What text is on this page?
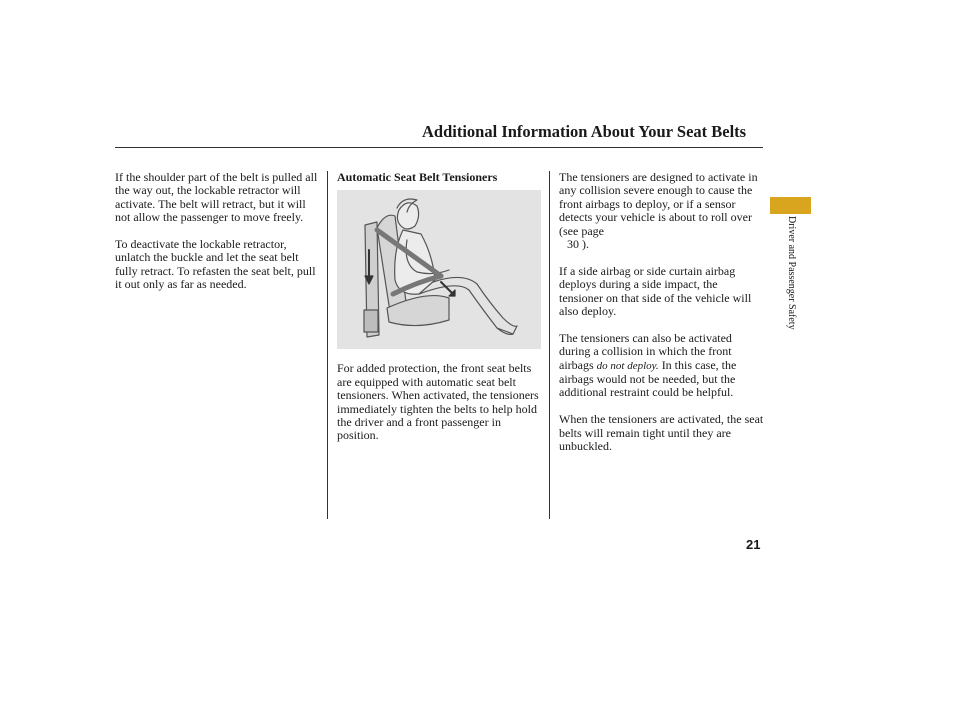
Additional Information About Your Seat Belts

If the shoulder part of the belt is pulled all the way out, the lockable retractor will activate. The belt will retract, but it will not allow the passenger to move freely.

To deactivate the lockable retractor, unlatch the buckle and let the seat belt fully retract. To refasten the seat belt, pull it out only as far as needed.

Automatic Seat Belt Tensioners

For added protection, the front seat belts are equipped with automatic seat belt tensioners. When activated, the tensioners immediately tighten the belts to help hold the driver and a front passenger in position.

The tensioners are designed to activate in any collision severe enough to cause the front airbags to deploy, or if a sensor detects your vehicle is about to roll over (see page
30 ).

If a side airbag or side curtain airbag deploys during a side impact, the tensioner on that side of the vehicle will also deploy.

The tensioners can also be activated during a collision in which the front airbags do not deploy. In this case, the airbags would not be needed, but the additional restraint could be helpful.

When the tensioners are activated, the seat belts will remain tight until they are unbuckled.

Driver and Passenger Safety
21
